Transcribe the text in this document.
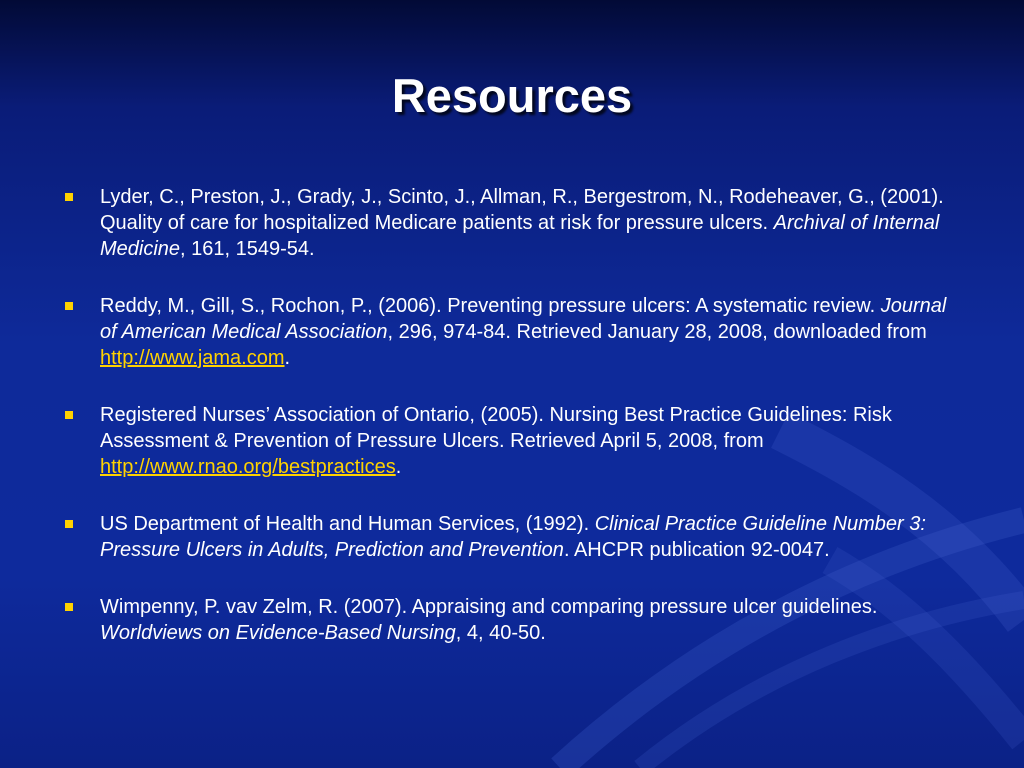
Resources
Lyder, C., Preston, J., Grady, J., Scinto, J., Allman, R., Bergestrom, N., Rodeheaver, G., (2001). Quality of care for hospitalized Medicare patients at risk for pressure ulcers. Archival of Internal Medicine, 161, 1549-54.
Reddy, M., Gill, S., Rochon, P., (2006). Preventing pressure ulcers: A systematic review. Journal of American Medical Association, 296, 974-84. Retrieved January 28, 2008, downloaded from http://www.jama.com.
Registered Nurses’ Association of Ontario, (2005). Nursing Best Practice Guidelines: Risk Assessment & Prevention of Pressure Ulcers. Retrieved April 5, 2008, from http://www.rnao.org/bestpractices.
US Department of Health and Human Services, (1992). Clinical Practice Guideline Number 3: Pressure Ulcers in Adults, Prediction and Prevention. AHCPR publication 92-0047.
Wimpenny, P. vav Zelm, R. (2007). Appraising and comparing pressure ulcer guidelines. Worldviews on Evidence-Based Nursing, 4, 40-50.
